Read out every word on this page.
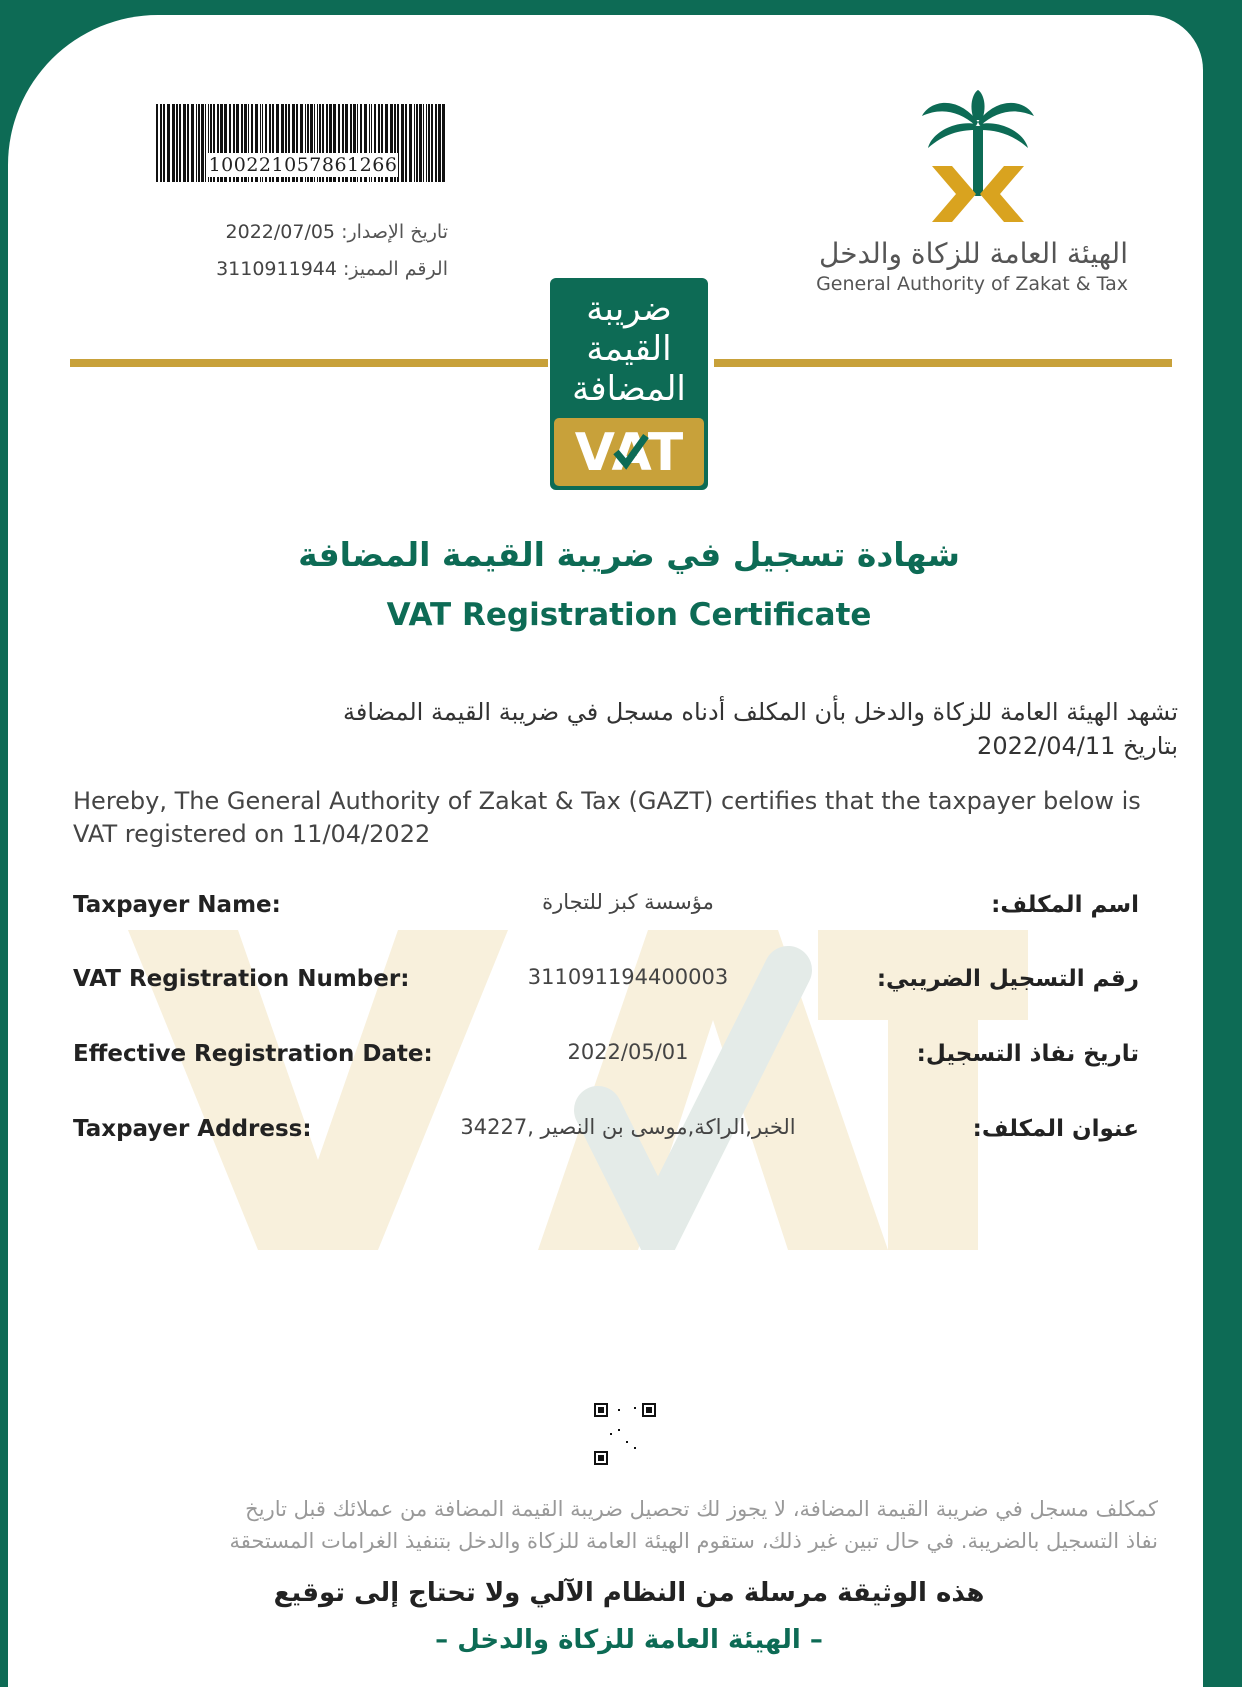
100221057861266
تاريخ الإصدار: 2022/07/05
الرقم المميز: 3110911944	الهيئة العامة للزكاة والدخل
General Authority of Zakat & Tax
ضريبة
القيمة
المضافة
VAT
شهادة تسجيل في ضريبة القيمة المضافة
VAT Registration Certificate
تشهد الهيئة العامة للزكاة والدخل بأن المكلف أدناه مسجل في ضريبة القيمة المضافة
بتاريخ 2022/04/11
Hereby, The General Authority of Zakat & Tax (GAZT) certifies that the taxpayer below is
VAT registered on 11/04/2022
Taxpayer Name:	مؤسسة كبز للتجارة	اسم المكلف:
VAT Registration Number:	311091194400003	رقم التسجيل الضريبي:
Effective Registration Date:	2022/05/01	تاريخ نفاذ التسجيل:
Taxpayer Address:	الخبر,الراكة,موسى بن النصير ,34227	عنوان المكلف:
كمكلف مسجل في ضريبة القيمة المضافة، لا يجوز لك تحصيل ضريبة القيمة المضافة من عملائك قبل تاريخ
نفاذ التسجيل بالضريبة. في حال تبين غير ذلك، ستقوم الهيئة العامة للزكاة والدخل بتنفيذ الغرامات المستحقة
هذه الوثيقة مرسلة من النظام الآلي ولا تحتاج إلى توقيع
– الهيئة العامة للزكاة والدخل –
